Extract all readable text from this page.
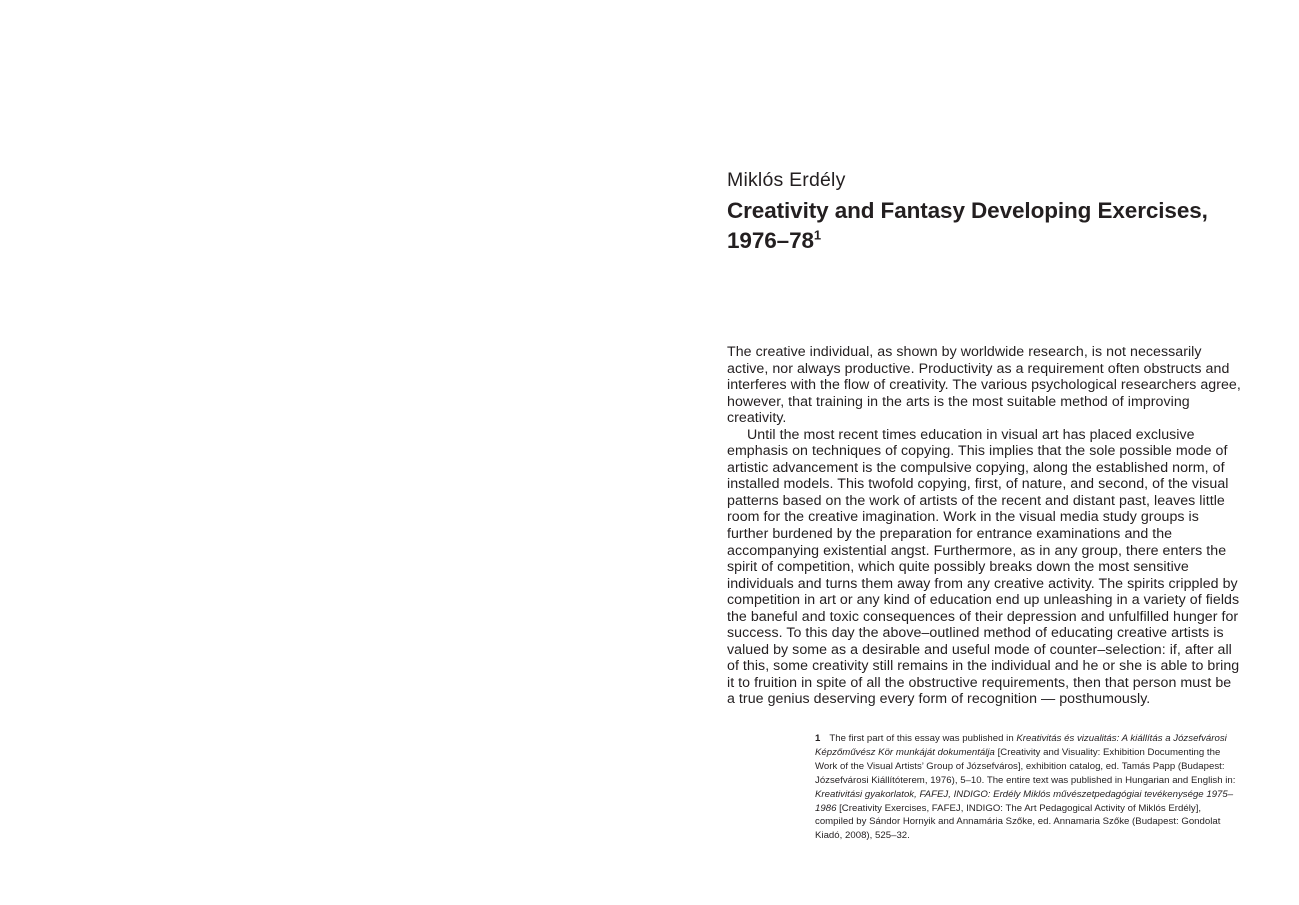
Miklós Erdély
Creativity and Fantasy Developing Exercises, $1976-78^1$

The creative individual, as shown by worldwide research, is not necessarily active, nor always productive. Productivity as a requirement often obstructs and interferes with the flow of creativity. The various psychological researchers agree, however, that training in the arts is the most suitable method of improving creativity.

Until the most recent times education in visual art has placed exclusive emphasis on techniques of copying. This implies that the sole possible mode of artistic advancement is the compulsive copying, along the established norm, of installed models. This twofold copying, first, of nature, and second, of the visual patterns based on the work of artists of the recent and distant past, leaves little room for the creative imagination. Work in the visual media study groups is further burdened by the preparation for entrance examinations and the accompanying existential angst. Furthermore, as in any group, there enters the spirit of competition, which quite possibly breaks down the most sensitive individuals and turns them away from any creative activity. The spirits crippled by competition in art or any kind of education end up unleashing in a variety of fields the baneful and toxic consequences of their depression and unfulfilled hunger for success. To this day the above–outlined method of educating creative artists is valued by some as a desirable and useful mode of counter–selection: if, after all of this, some creativity still remains in the individual and he or she is able to bring it to fruition in spite of all the obstructive requirements, then that person must be a true genius deserving every form of recognition — posthumously.

1 The first part of this essay was published in Kreativitás és vizualitás: A kiállítás a Józsefvárosi Képzőművész Kör munkáját dokumentálja [Creativity and Visuality: Exhibition Documenting the Work of the Visual Artists’ Group of Józsefváros], exhibition catalog, ed. Tamás Papp (Budapest: Józsefvárosi Kiállítóterem, 1976), 5–10. The entire text was published in Hungarian and English in: Kreativitási gyakorlatok, FAFEJ, INDIGO: Erdély Miklós művészetpedagógiai tevékenysége 1975–1986 [Creativity Exercises, FAFEJ, INDIGO: The Art Pedagogical Activity of Miklós Erdély], compiled by Sándor Hornyik and Annamária Szőke, ed. Annamaria Szőke (Budapest: Gondolat Kiadó, 2008), 525–32.
